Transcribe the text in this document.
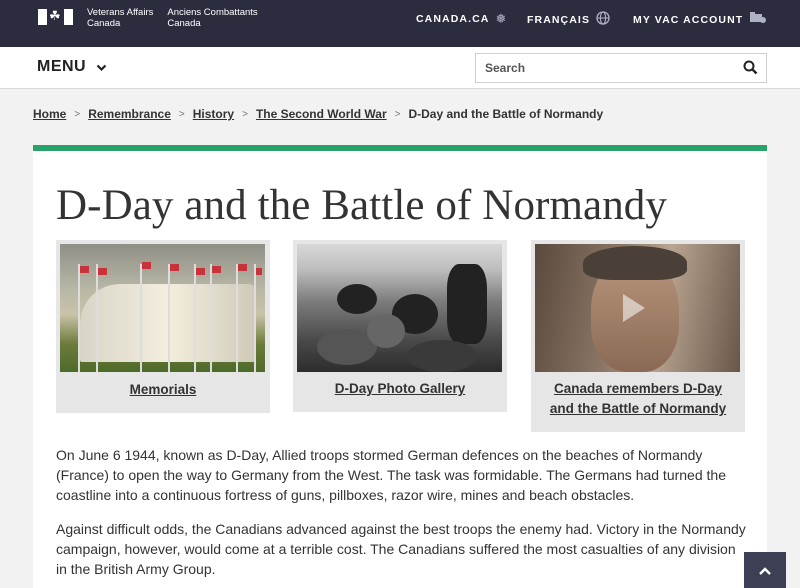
☘
Veterans Affairs
Canada
Anciens Combattants
Canada	CANADA.CA ❅ FRANÇAIS	MY VAC ACCOUNT
MENU
Search
Home > Remembrance > History > The Second World War > D-Day and the Battle of Normandy
D-Day and the Battle of Normandy
Memorials	D-Day Photo Gallery	Canada remembers D-Day and the Battle of Normandy

On June 6 1944, known as D-Day, Allied troops stormed German defences on the beaches of Normandy (France) to open the way to Germany from the West. The task was formidable. The Germans had turned the coastline into a continuous fortress of guns, pillboxes, razor wire, mines and beach obstacles.

Against difficult odds, the Canadians advanced against the best troops the enemy had. Victory in the Normandy campaign, however, would come at a terrible cost. The Canadians suffered the most casualties of any division in the British Army Group.
